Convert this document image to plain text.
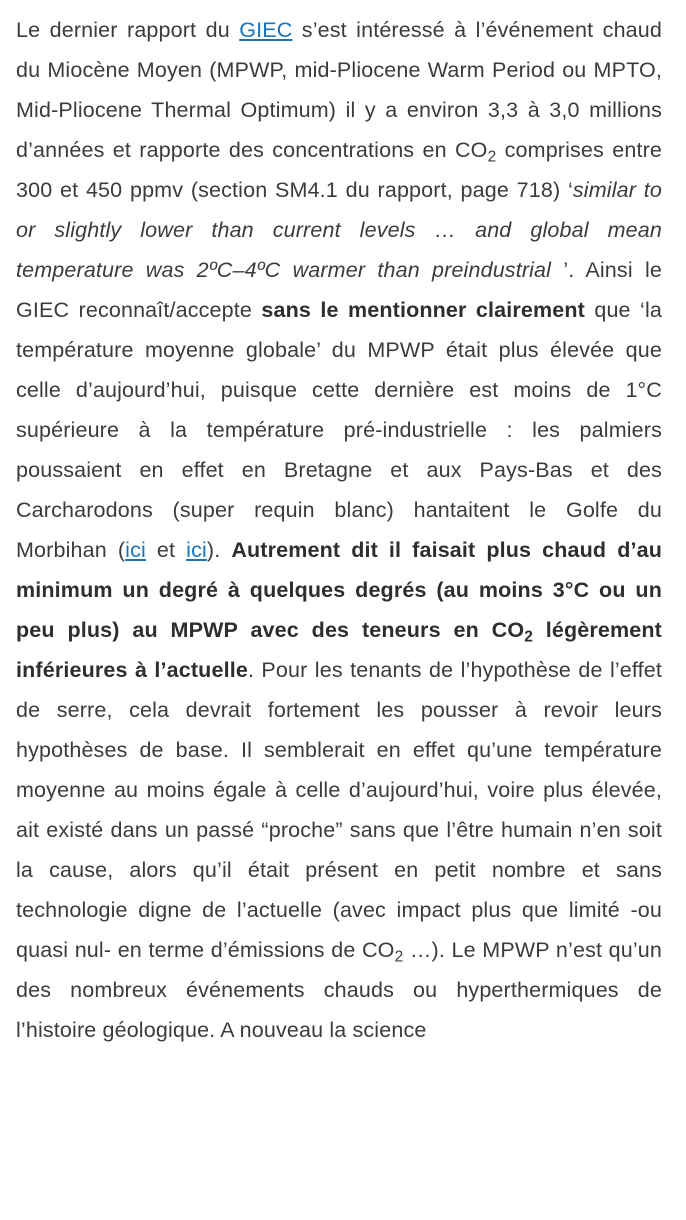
Le dernier rapport du GIEC s’est intéressé à l’événement chaud du Miocène Moyen (MPWP, mid-Pliocene Warm Period ou MPTO, Mid-Pliocene Thermal Optimum) il y a environ 3,3 à 3,0 millions d’années et rapporte des concentrations en $CO_2$ comprises entre 300 et 450 ppmv (section SM4.1 du rapport, page 718) ‘similar to or slightly lower than current levels … and global mean temperature was 2ºC–4ºC warmer than preindustrial ’. Ainsi le GIEC reconnaît/accepte sans le mentionner clairement que ‘la température moyenne globale’ du MPWP était plus élevée que celle d’aujourd’hui, puisque cette dernière est moins de 1°C supérieure à la température pré-industrielle : les palmiers poussaient en effet en Bretagne et aux Pays-Bas et des Carcharodons (super requin blanc) hantaitent le Golfe du Morbihan (ici et ici). Autrement dit il faisait plus chaud d’au minimum un degré à quelques degrés (au moins 3°C ou un peu plus) au MPWP avec des teneurs en $CO_2$ légèrement inférieures à l’actuelle. Pour les tenants de l’hypothèse de l’effet de serre, cela devrait fortement les pousser à revoir leurs hypothèses de base. Il semblerait en effet qu’une température moyenne au moins égale à celle d’aujourd’hui, voire plus élevée, ait existé dans un passé “proche” sans que l’être humain n’en soit la cause, alors qu’il était présent en petit nombre et sans technologie digne de l’actuelle (avec impact plus que limité -ou quasi nul- en terme d’émissions de $CO_2$ …). Le MPWP n’est qu’un des nombreux événements chauds ou hyperthermiques de l’histoire géologique. A nouveau la science
